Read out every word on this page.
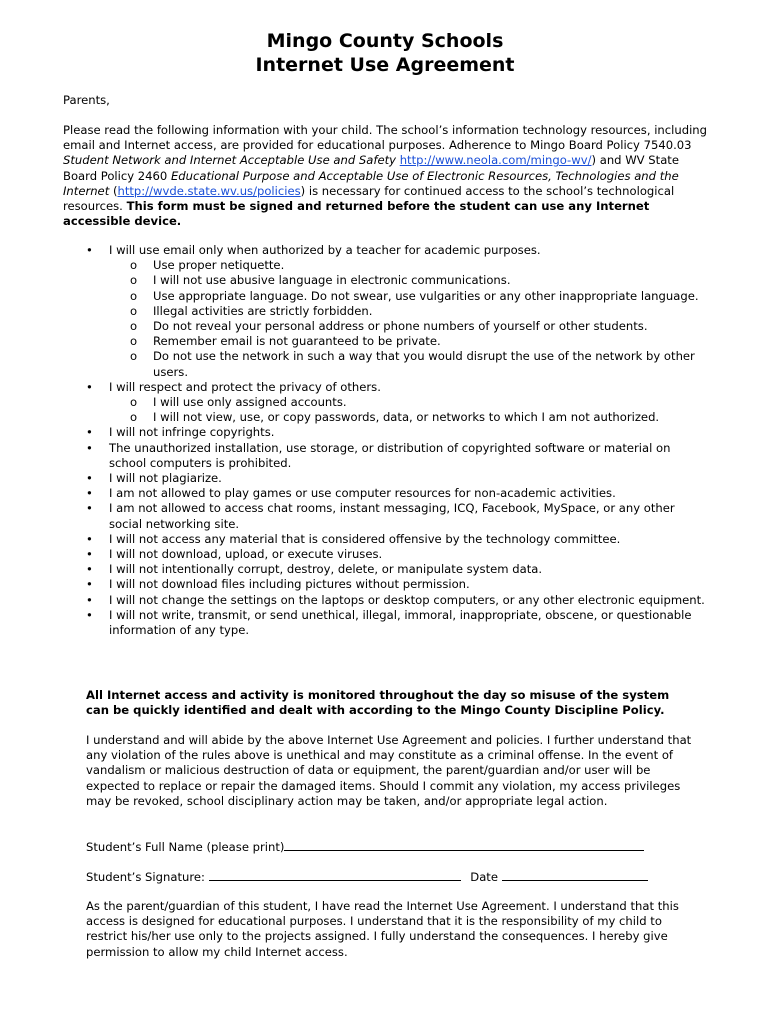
Mingo County Schools
Internet Use Agreement
Parents,
Please read the following information with your child. The school’s information technology resources, including email and Internet access, are provided for educational purposes. Adherence to Mingo Board Policy 7540.03 Student Network and Internet Acceptable Use and Safety http://www.neola.com/mingo-wv/) and WV State Board Policy 2460 Educational Purpose and Acceptable Use of Electronic Resources, Technologies and the Internet (http://wvde.state.wv.us/policies) is necessary for continued access to the school’s technological resources. This form must be signed and returned before the student can use any Internet accessible device.
• I will use email only when authorized by a teacher for academic purposes.
o Use proper netiquette.
o I will not use abusive language in electronic communications.
o Use appropriate language. Do not swear, use vulgarities or any other inappropriate language.
o Illegal activities are strictly forbidden.
o Do not reveal your personal address or phone numbers of yourself or other students.
o Remember email is not guaranteed to be private.
o Do not use the network in such a way that you would disrupt the use of the network by other users.
• I will respect and protect the privacy of others.
o I will use only assigned accounts.
o I will not view, use, or copy passwords, data, or networks to which I am not authorized.
• I will not infringe copyrights.
• The unauthorized installation, use storage, or distribution of copyrighted software or material on school computers is prohibited.
• I will not plagiarize.
• I am not allowed to play games or use computer resources for non-academic activities.
• I am not allowed to access chat rooms, instant messaging, ICQ, Facebook, MySpace, or any other social networking site.
• I will not access any material that is considered offensive by the technology committee.
• I will not download, upload, or execute viruses.
• I will not intentionally corrupt, destroy, delete, or manipulate system data.
• I will not download files including pictures without permission.
• I will not change the settings on the laptops or desktop computers, or any other electronic equipment.
• I will not write, transmit, or send unethical, illegal, immoral, inappropriate, obscene, or questionable information of any type.
All Internet access and activity is monitored throughout the day so misuse of the system can be quickly identified and dealt with according to the Mingo County Discipline Policy.
I understand and will abide by the above Internet Use Agreement and policies. I further understand that any violation of the rules above is unethical and may constitute as a criminal offense. In the event of vandalism or malicious destruction of data or equipment, the parent/guardian and/or user will be expected to replace or repair the damaged items. Should I commit any violation, my access privileges may be revoked, school disciplinary action may be taken, and/or appropriate legal action.
Student’s Full Name (please print)
Student’s Signature:	Date
As the parent/guardian of this student, I have read the Internet Use Agreement. I understand that this access is designed for educational purposes. I understand that it is the responsibility of my child to restrict his/her use only to the projects assigned. I fully understand the consequences. I hereby give permission to allow my child Internet access.
